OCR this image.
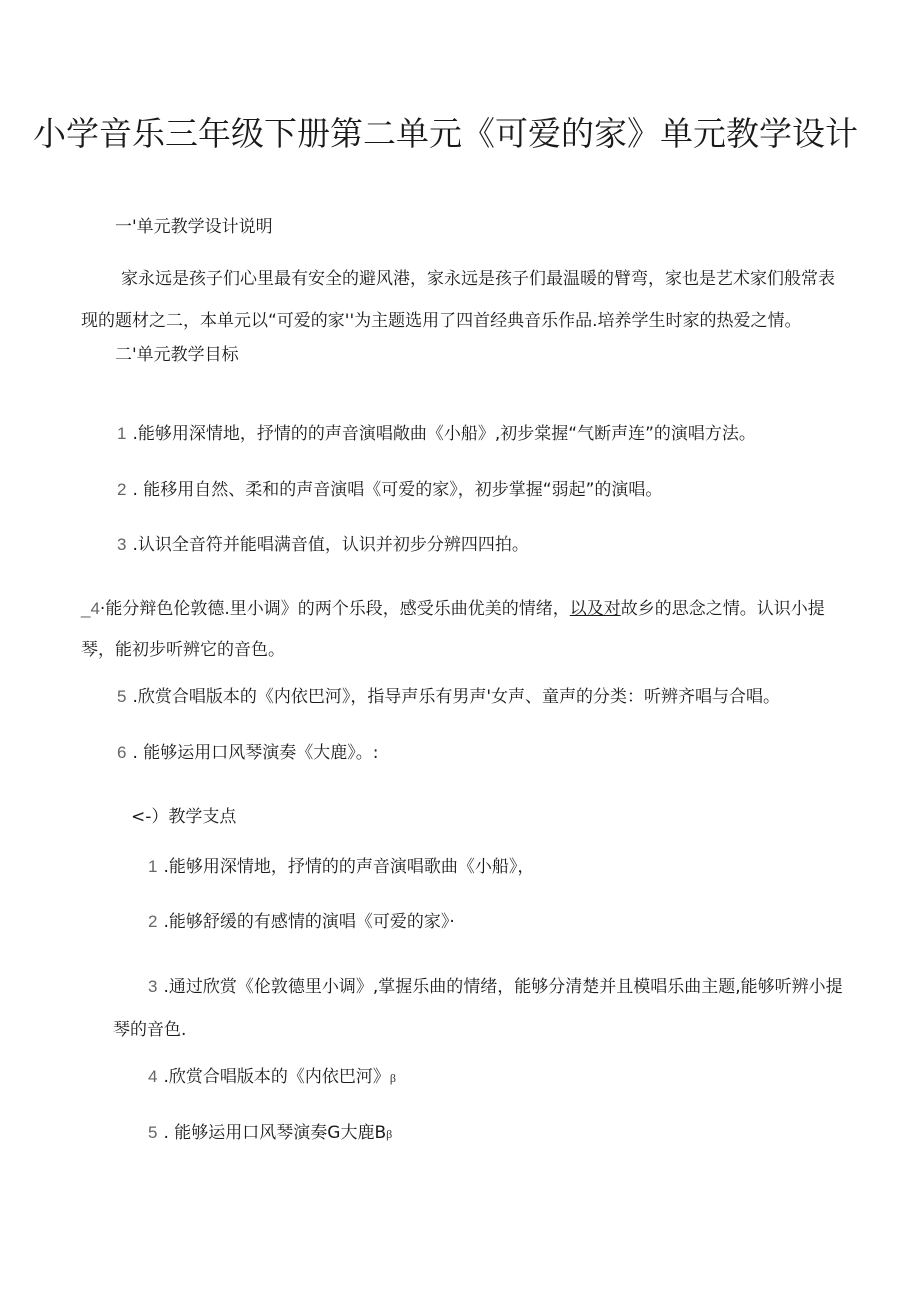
小学音乐三年级下册第二单元《可爱的家》单元教学设计
一'单元教学设计说明
家永远是孩子们心里最有安全的避风港，家永远是孩子们最温暖的臂弯，家也是艺术家们般常表
现的题材之二，本单元以“可爱的家''为主题选用了四首经典音乐作品.培养学生时家的热爱之情。
二'单元教学目标
1 .能够用深情地，抒情的的声音演唱敞曲《小船》,初步棠握“气断声连”的演唱方法。
2 . 能移用自然、柔和的声音演唱《可爱的家》，初步掌握“弱起”的演唱。
3 .认识全音符并能唱满音值，认识并初步分辨四四拍。
_4·能分辩色伦敦德.里小调》的两个乐段，感受乐曲优美的情绪，以及对故乡的思念之情。认识小提
琴，能初步听辨它的音色。
5 .欣赏合唱版本的《内依巴河》，指导声乐有男声'女声、童声的分类：听辨齐唱与合唱。
6 . 能够运用口风琴演奏《大鹿》。:
<-）教学支点
1 .能够用深情地，抒情的的声音演唱歌曲《小船》，
2 .能够舒缓的有感情的演唱《可爱的家》·
3 .通过欣赏《伦敦德里小调》,掌握乐曲的情绪，能够分清楚并且模唱乐曲主题,能够听辨小提
琴的音色.
4 .欣赏合唱版本的《内依巴河》β
5 . 能够运用口风琴演奏G大鹿Bβ
